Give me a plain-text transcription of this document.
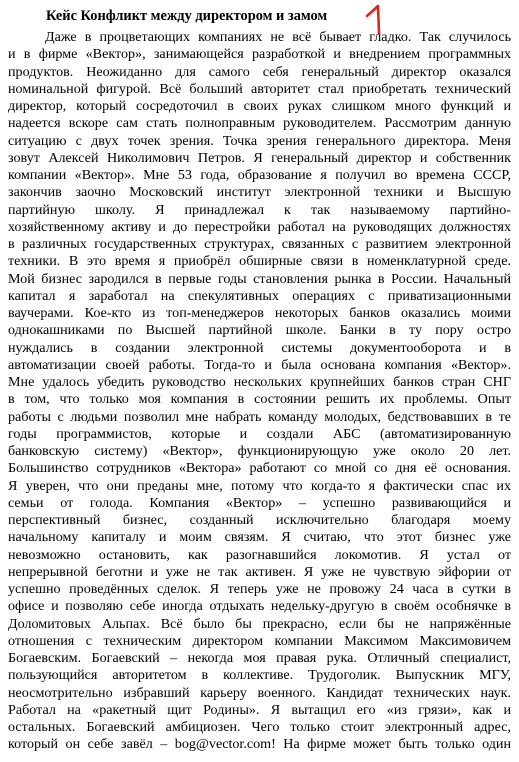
Кейс Конфликт между директором и замом
Даже в процветающих компаниях не всё бывает гладко. Так случилось
и в фирме «Вектор», занимающейся разработкой и внедрением программных
продуктов. Неожиданно для самого себя генеральный директор оказался
номинальной фигурой. Всё больший авторитет стал приобретать технический
директор, который сосредоточил в своих руках слишком много функций и
надеется вскоре сам стать полноправным руководителем. Рассмотрим данную
ситуацию с двух точек зрения. Точка зрения генерального директора. Меня
зовут Алексей Николимович Петров. Я генеральный директор и собственник
компании «Вектор». Мне 53 года, образование я получил во времена СССР,
закончив заочно Московский институт электронной техники и Высшую
партийную школу. Я принадлежал к так называемому партийно-
хозяйственному активу и до перестройки работал на руководящих должностях
в различных государственных структурах, связанных с развитием электронной
техники. В это время я приобрёл обширные связи в номенклатурной среде.
Мой бизнес зародился в первые годы становления рынка в России. Начальный
капитал я заработал на спекулятивных операциях с приватизационными
ваучерами. Кое-кто из топ-менеджеров некоторых банков оказались моими
однокашниками по Высшей партийной школе. Банки в ту пору остро
нуждались в создании электронной системы документооборота и в
автоматизации своей работы. Тогда-то и была основана компания «Вектор».
Мне удалось убедить руководство нескольких крупнейших банков стран СНГ
в том, что только моя компания в состоянии решить их проблемы. Опыт
работы с людьми позволил мне набрать команду молодых, бедствовавших в те
годы программистов, которые и создали АБС (автоматизированную
банковскую систему) «Вектор», функционирующую уже около 20 лет.
Большинство сотрудников «Вектора» работают со мной со дня её основания.
Я уверен, что они преданы мне, потому что когда-то я фактически спас их
семьи от голода. Компания «Вектор» – успешно развивающийся и
перспективный бизнес, созданный исключительно благодаря моему
начальному капиталу и моим связям. Я считаю, что этот бизнес уже
невозможно остановить, как разогнавшийся локомотив. Я устал от
непрерывной беготни и уже не так активен. Я уже не чувствую эйфории от
успешно проведённых сделок. Я теперь уже не провожу 24 часа в сутки в
офисе и позволяю себе иногда отдыхать недельку-другую в своём особнячке в
Доломитовых Альпах. Всё было бы прекрасно, если бы не напряжённые
отношения с техническим директором компании Максимом Максимовичем
Богаевским. Богаевский – некогда моя правая рука. Отличный специалист,
пользующийся авторитетом в коллективе. Трудоголик. Выпускник МГУ,
неосмотрительно избравший карьеру военного. Кандидат технических наук.
Работал на «ракетный щит Родины». Я вытащил его «из грязи», как и
остальных. Богаевский амбициозен. Чего только стоит электронный адрес,
который он себе завёл – bog@vector.com! На фирме может быть только один
